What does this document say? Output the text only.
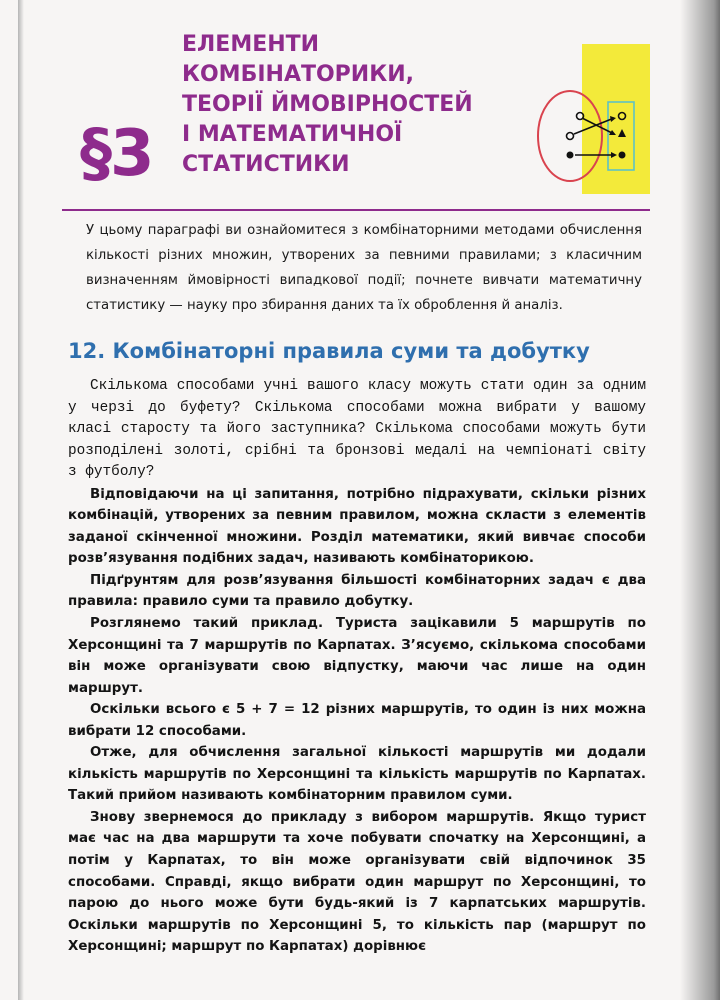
§3
ЕЛЕМЕНТИ
КОМБІНАТОРИКИ,
ТЕОРІЇ ЙМОВІРНОСТЕЙ
І МАТЕМАТИЧНОЇ
СТАТИСТИКИ
У цьому параграфі ви ознайомитеся з комбінаторними методами обчислення кількості різних множин, утворених за певними правилами; з класичним визначенням ймовірності випадкової події; почнете вивчати математичну статистику — науку про збирання даних та їх оброблення й аналіз.
12. Комбінаторні правила суми та добутку

Скількома способами учні вашого класу можуть стати один за одним у черзі до буфету? Скількома способами можна вибрати у вашому класі старосту та його заступника? Скількома способами можуть бути розподілені золоті, срібні та бронзові медалі на чемпіонаті світу з футболу?

Відповідаючи на ці запитання, потрібно підрахувати, скільки різних комбінацій, утворених за певним правилом, можна скласти з елементів заданої скінченної множини. Розділ математики, який вивчає способи розв’язування подібних задач, називають комбінаторикою.

Підґрунтям для розв’язування більшості комбінаторних задач є два правила: правило суми та правило добутку.

Розглянемо такий приклад. Туриста зацікавили 5 маршрутів по Херсонщині та 7 маршрутів по Карпатах. З’ясуємо, скількома способами він може організувати свою відпустку, маючи час лише на один маршрут.

Оскільки всього є 5 + 7 = 12 різних маршрутів, то один із них можна вибрати 12 способами.

Отже, для обчислення загальної кількості маршрутів ми додали кількість маршрутів по Херсонщині та кількість маршрутів по Карпатах. Такий прийом називають комбінаторним правилом суми.

Знову звернемося до прикладу з вибором маршрутів. Якщо турист має час на два маршрути та хоче побувати спочатку на Херсонщині, а потім у Карпатах, то він може організувати свій відпочинок 35 способами. Справді, якщо вибрати один маршрут по Херсонщині, то парою до нього може бути будь-який із 7 карпатських маршрутів. Оскільки маршрутів по Херсонщині 5, то кількість пар (маршрут по Херсонщині; маршрут по Карпатах) дорівнює
